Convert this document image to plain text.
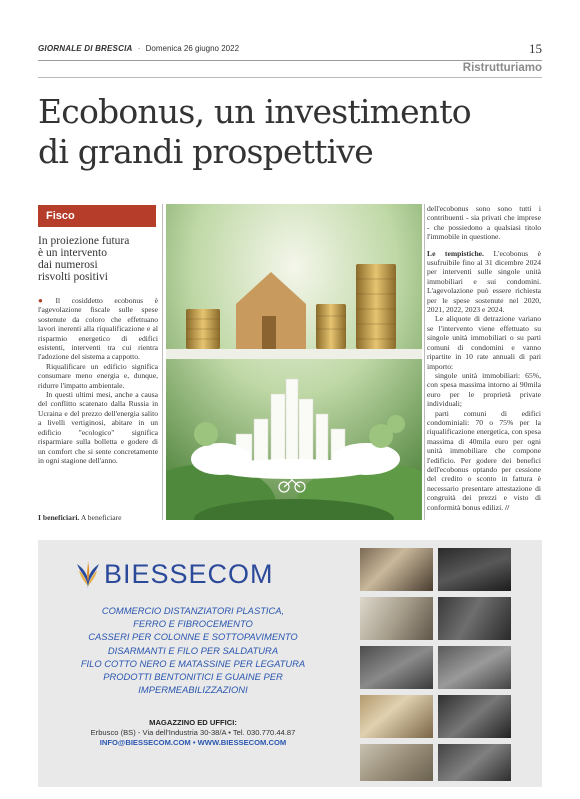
GIORNALE DI BRESCIA · Domenica 26 giugno 2022	15
Ristrutturiamo
Ecobonus, un investimento
di grandi prospettive
Fisco
In proiezione futura
è un intervento
dai numerosi
risvolti positivi

● Il cosiddetto ecobonus è l'agevolazione fiscale sulle spese sostenute da coloro che effettuano lavori inerenti alla riqualificazione e al risparmio energetico di edifici esistenti, interventi tra cui rientra l'adozione del sistema a cappotto.

Riqualificare un edificio significa consumare meno energia e, dunque, ridurre l'impatto ambientale.

In questi ultimi mesi, anche a causa del conflitto scatenato dalla Russia in Ucraina e del prezzo dell'energia salito a livelli vertiginosi, abitare in un edificio "ecologico" significa risparmiare sulla bolletta e godere di un comfort che si sente concretamente in ogni stagione dell'anno.

I beneficiari. A beneficiare

dell'ecobonus sono sono tutti i contribuenti - sia privati che imprese - che possiedono a qualsiasi titolo l'immobile in questione.

Le tempistiche. L'ecobonus è usufruibile fino al 31 dicembre 2024 per interventi sulle singole unità immobiliari e sui condomini. L'agevolazione può essere richiesta per le spese sostenute nel 2020, 2021, 2022, 2023 e 2024.

Le aliquote di detrazione variano se l'intervento viene effettuato su singole unità immobiliari o su parti comuni di condomini e vanno ripartite in 10 rate annuali di pari importo:

singole unità immobiliari: 65%, con spesa massima intorno ai 90mila euro per le proprietà private individuali;

parti comuni di edifici condominiali: 70 o 75% per la riqualificazione energetica, con spesa massima di 40mila euro per ogni unità immobiliare che compone l'edificio. Per godere dei benefici dell'ecobonus optando per cessione del credito o sconto in fattura è necessario presentare attestazione di congruità dei prezzi e visto di conformità bonus edilizi. //

BIESSECOM
COMMERCIO DISTANZIATORI PLASTICA,
FERRO E FIBROCEMENTO
CASSERI PER COLONNE E SOTTOPAVIMENTO
DISARMANTI E FILO PER SALDATURA
FILO COTTO NERO E MATASSINE PER LEGATURA
PRODOTTI BENTONITICI E GUAINE PER IMPERMEABILIZZAZIONI
MAGAZZINO ED UFFICI:
Erbusco (BS) - Via dell'Industria 30-38/A • Tel. 030.770.44.87
INFO@BIESSECOM.COM • WWW.BIESSECOM.COM
